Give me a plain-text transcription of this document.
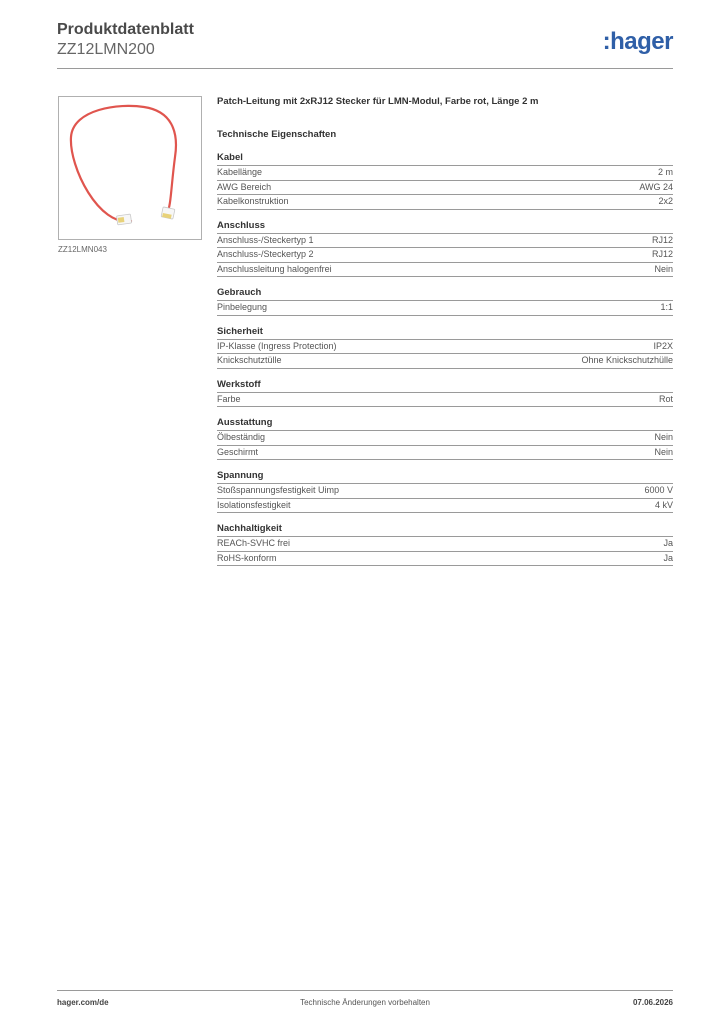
Produktdatenblatt
ZZ12LMN200	:hager
ZZ12LMN043
Patch-Leitung mit 2xRJ12 Stecker für LMN-Modul, Farbe rot, Länge 2 m
Technische Eigenschaften
Kabel
Kabellänge	2 m
AWG Bereich	AWG 24
Kabelkonstruktion	2x2
Anschluss
Anschluss-/Steckertyp 1	RJ12
Anschluss-/Steckertyp 2	RJ12
Anschlussleitung halogenfrei	Nein
Gebrauch
Pinbelegung	1:1
Sicherheit
IP-Klasse (Ingress Protection)	IP2X
Knickschutztülle	Ohne Knickschutzhülle
Werkstoff
Farbe	Rot
Ausstattung
Ölbeständig	Nein
Geschirmt	Nein
Spannung
Stoßspannungsfestigkeit Uimp	6000 V
Isolationsfestigkeit	4 kV
Nachhaltigkeit
REACh-SVHC frei	Ja
RoHS-konform	Ja
hager.com/de	Technische Änderungen vorbehalten	07.06.2026
